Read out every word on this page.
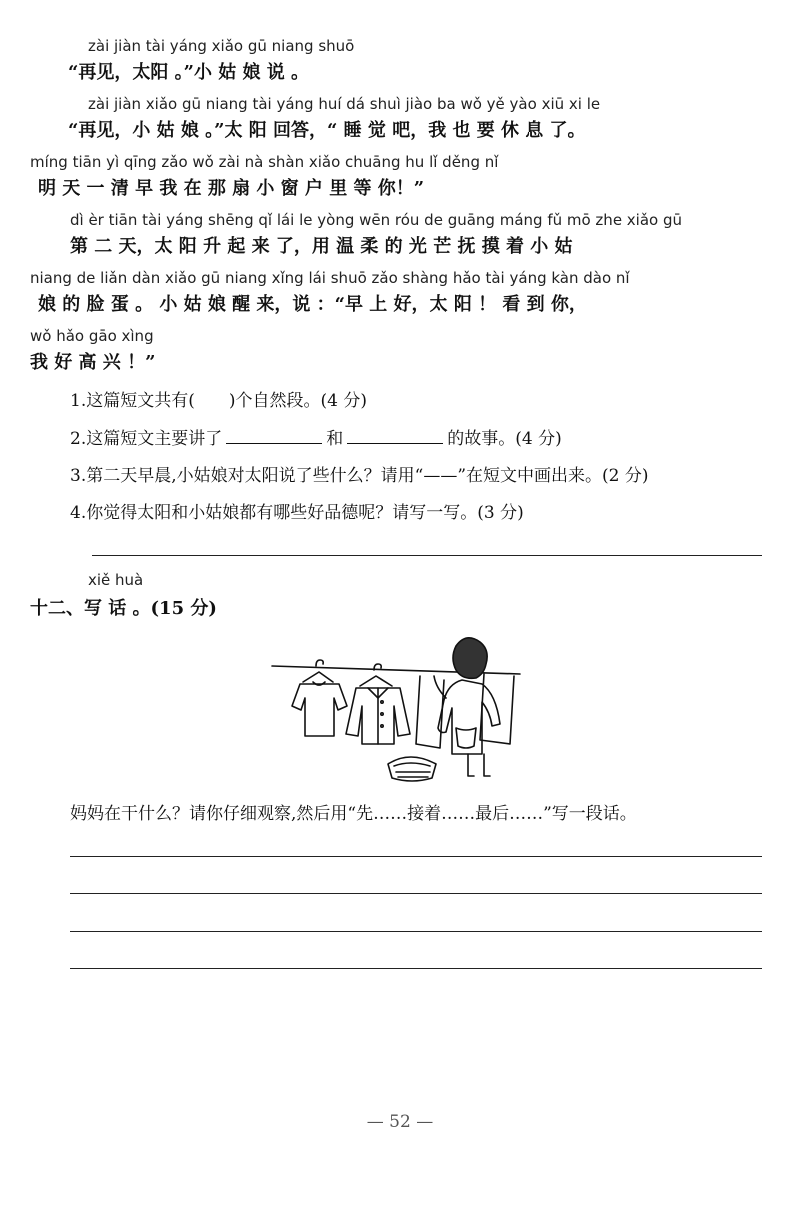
zài jiàn tài yáng xiǎo gū niang shuō
“再见，太阳 。”小 姑 娘 说 。
zài jiàn xiǎo gū niang tài yáng huí dá shuì jiào ba wǒ yě yào xiū xi le
“再见，小 姑 娘 。”太 阳 回答，“ 睡 觉 吧，我 也 要 休 息 了。
míng tiān yì qīng zǎo wǒ zài nà shàn xiǎo chuāng hu lǐ děng nǐ
明 天 一 清 早 我 在 那 扇 小 窗 户 里 等 你！”
dì èr tiān tài yáng shēng qǐ lái le yòng wēn róu de guāng máng fǔ mō zhe xiǎo gū
第 二 天，太 阳 升 起 来 了，用 温 柔 的 光 芒 抚 摸 着 小 姑
niang de liǎn dàn xiǎo gū niang xǐng lái shuō zǎo shàng hǎo tài yáng kàn dào nǐ
娘 的 脸 蛋 。 小 姑 娘 醒 来，说 ：“早 上 好，太 阳 ！ 看 到 你，
wǒ hǎo gāo xìng
我 好 高 兴 ！”
1.这篇短文共有( )个自然段。(4 分)
2.这篇短文主要讲了	和	的故事。(4 分)
3.第二天早晨,小姑娘对太阳说了些什么？请用“——”在短文中画出来。(2 分)
4.你觉得太阳和小姑娘都有哪些好品德呢？请写一写。(3 分)
xiě huà
十二、写 话 。(15 分)
妈妈在干什么？请你仔细观察,然后用“先……接着……最后……”写一段话。
— 52 —
